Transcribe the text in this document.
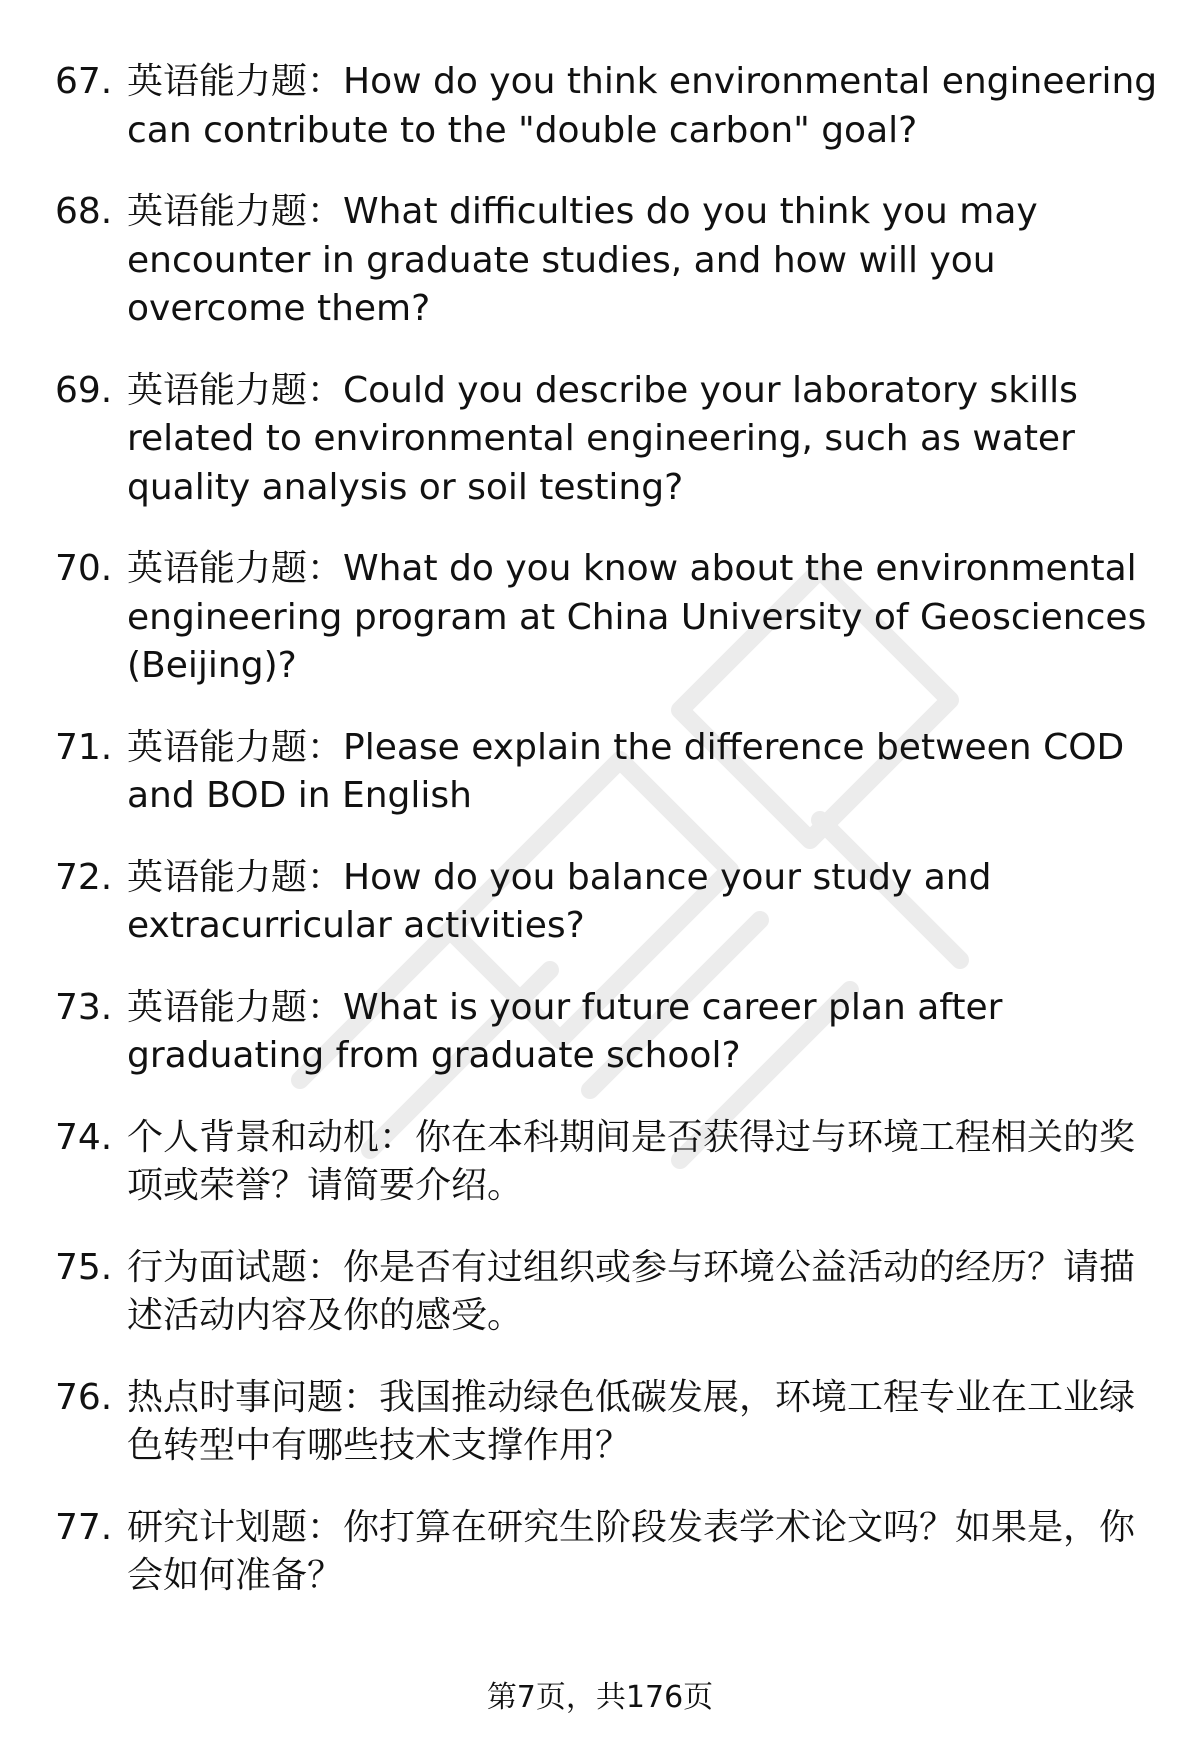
67. 英语能力题：How do you think environmental engineering can contribute to the "double carbon" goal?
68. 英语能力题：What difficulties do you think you may encounter in graduate studies, and how will you overcome them?
69. 英语能力题：Could you describe your laboratory skills related to environmental engineering, such as water quality analysis or soil testing?
70. 英语能力题：What do you know about the environmental engineering program at China University of Geosciences (Beijing)?
71. 英语能力题：Please explain the difference between COD and BOD in English
72. 英语能力题：How do you balance your study and extracurricular activities?
73. 英语能力题：What is your future career plan after graduating from graduate school?
74. 个人背景和动机：你在本科期间是否获得过与环境工程相关的奖项或荣誉？请简要介绍。
75. 行为面试题：你是否有过组织或参与环境公益活动的经历？请描述活动内容及你的感受。
76. 热点时事问题：我国推动绿色低碳发展，环境工程专业在工业绿色转型中有哪些技术支撑作用？
77. 研究计划题：你打算在研究生阶段发表学术论文吗？如果是，你会如何准备？
第7页，共176页
